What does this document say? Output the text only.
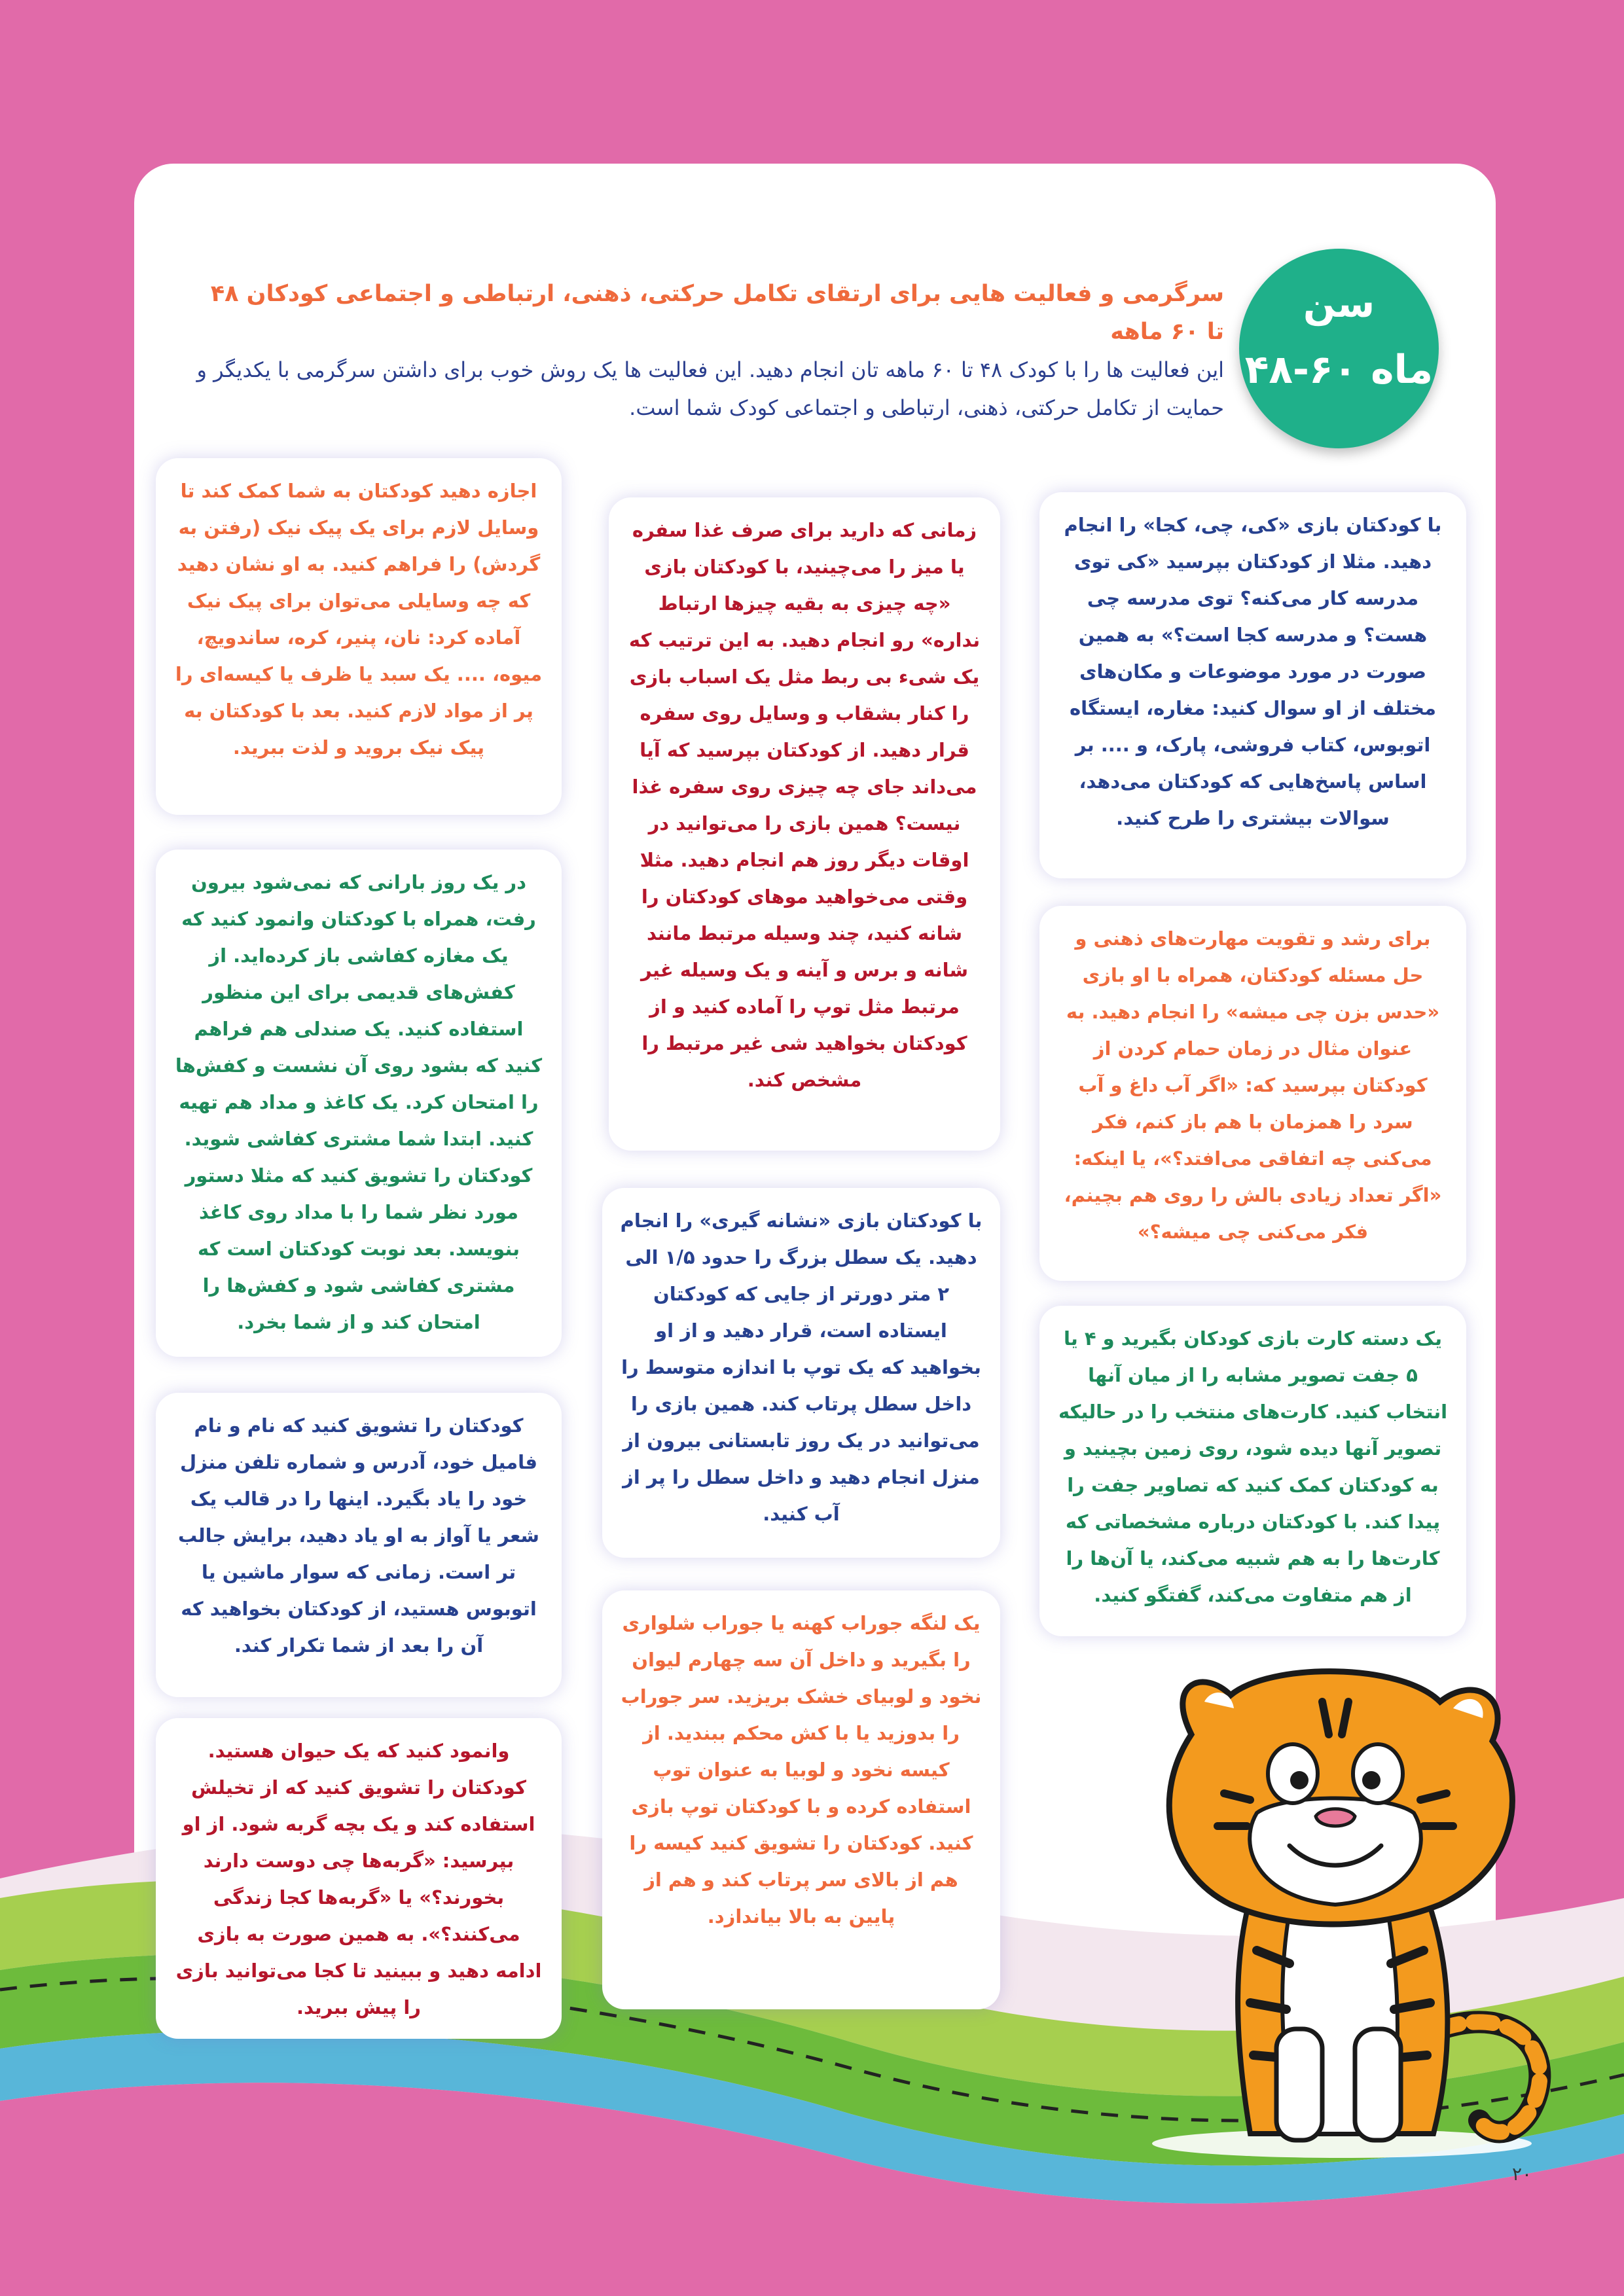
سن
۴۸-۶۰ ماه
سرگرمی و فعالیت هایی برای ارتقای تکامل حرکتی، ذهنی، ارتباطی و اجتماعی کودکان ۴۸ تا ۶۰ ماهه
این فعالیت ها را با کودک ۴۸ تا ۶۰ ماهه تان انجام دهید. این فعالیت ها یک روش خوب برای داشتن سرگرمی با یکدیگر و حمایت از تکامل حرکتی، ذهنی، ارتباطی و اجتماعی کودک شما است.
با کودکتان بازی «کی، چی، کجا» را انجام دهید. مثلا از کودکتان بپرسید «کی توی مدرسه کار می‌کنه؟ توی مدرسه چی هست؟ و مدرسه کجا است؟» به همین صورت در مورد موضوعات و مکان‌های مختلف از او سوال کنید: مغاره، ایستگاه اتوبوس، کتاب فروشی، پارک، و .... بر اساس پاسخ‌هایی که کودکتان می‌دهد، سوالات بیشتری را طرح کنید.
برای رشد و تقویت مهارت‌های ذهنی و حل مسئله کودکتان، همراه با او بازی «حدس بزن چی میشه» را انجام دهید. به عنوان مثال در زمان حمام کردن از کودکتان بپرسید که: «اگر آب داغ و آب سرد را همزمان با هم باز کنم، فکر می‌کنی چه اتفاقی می‌افتد؟»، یا اینکه: «اگر تعداد زیادی بالش را روی هم بچینم، فکر می‌کنی چی میشه؟»
یک دسته کارت بازی کودکان بگیرید و ۴ یا ۵ جفت تصویر مشابه را از میان آنها انتخاب کنید. کارت‌های منتخب را در حالیکه تصویر آنها دیده شود، روی زمین بچینید و به کودکتان کمک کنید که تصاویر جفت را پیدا کند. با کودکتان درباره مشخصاتی که کارت‌ها را به هم شبیه می‌کند، یا آن‌ها را از هم متفاوت می‌کند، گفتگو کنید.
زمانی که دارید برای صرف غذا سفره یا میز را می‌چینید، با کودکتان بازی «چه چیزی به بقیه چیزها ارتباط نداره» رو انجام دهید. به این ترتیب که یک شیء بی ربط مثل یک اسباب بازی را کنار بشقاب و وسایل روی سفره قرار دهید. از کودکتان بپرسید که آیا می‌داند جای چه چیزی روی سفره غذا نیست؟ همین بازی را می‌توانید در اوقات دیگر روز هم انجام دهید. مثلا وقتی می‌خواهید موهای کودکتان را شانه کنید، چند وسیله مرتبط مانند شانه و برس و آینه و یک وسیله غیر مرتبط مثل توپ را آماده کنید و از کودکتان بخواهید شی غیر مرتبط را مشخص کند.
با کودکتان بازی «نشانه گیری» را انجام دهید. یک سطل بزرگ را حدود ۱/۵ الی ۲ متر دورتر از جایی که کودکتان ایستاده است، قرار دهید و از او بخواهید که یک توپ با اندازه متوسط را داخل سطل پرتاب کند. همین بازی را می‌توانید در یک روز تابستانی بیرون از منزل انجام دهید و داخل سطل را پر از آب کنید.
یک لنگه جوراب کهنه یا جوراب شلواری را بگیرید و داخل آن سه چهارم لیوان نخود و لوبیای خشک بریزید. سر جوراب را بدوزید یا با کش محکم ببندید. از کیسه نخود و لوبیا به عنوان توپ استفاده کرده و با کودکتان توپ بازی کنید. کودکتان را تشویق کنید کیسه را هم از بالای سر پرتاب کند و هم از پایین به بالا بیاندازد.
اجازه دهید کودکتان به شما کمک کند تا وسایل لازم برای یک پیک نیک (رفتن به گردش) را فراهم کنید. به او نشان دهید که چه وسایلی می‌توان برای پیک نیک آماده کرد: نان، پنیر، کره، ساندویچ، میوه، .... یک سبد یا ظرف یا کیسه‌ای را پر از مواد لازم کنید. بعد با کودکتان به پیک نیک بروید و لذت ببرید.
در یک روز بارانی که نمی‌شود بیرون رفت، همراه با کودکتان وانمود کنید که یک مغازه کفاشی باز کرده‌اید. از کفش‌های قدیمی برای این منظور استفاده کنید. یک صندلی هم فراهم کنید که بشود روی آن نشست و کفش‌ها را امتحان کرد. یک کاغذ و مداد هم تهیه کنید. ابتدا شما مشتری کفاشی شوید. کودکتان را تشویق کنید که مثلا دستور مورد نظر شما را با مداد روی کاغذ بنویسد. بعد نوبت کودکتان است که مشتری کفاشی شود و کفش‌ها را امتحان کند و از شما بخرد.
کودکتان را تشویق کنید که نام و نام فامیل خود، آدرس و شماره تلفن منزل خود را یاد بگیرد. اینها را در قالب یک شعر یا آواز به او یاد دهید، برایش جالب تر است. زمانی که سوار ماشین یا اتوبوس هستید، از کودکتان بخواهید که آن را بعد از شما تکرار کند.
وانمود کنید که یک حیوان هستید. کودکتان را تشویق کنید که از تخیلش استفاده کند و یک بچه گربه شود. از او بپرسید: «گربه‌ها چی دوست دارند بخورند؟» یا «گربه‌ها کجا زندگی می‌کنند؟». به همین صورت به بازی ادامه دهید و ببینید تا کجا می‌توانید بازی را پیش ببرید.
۲۰
